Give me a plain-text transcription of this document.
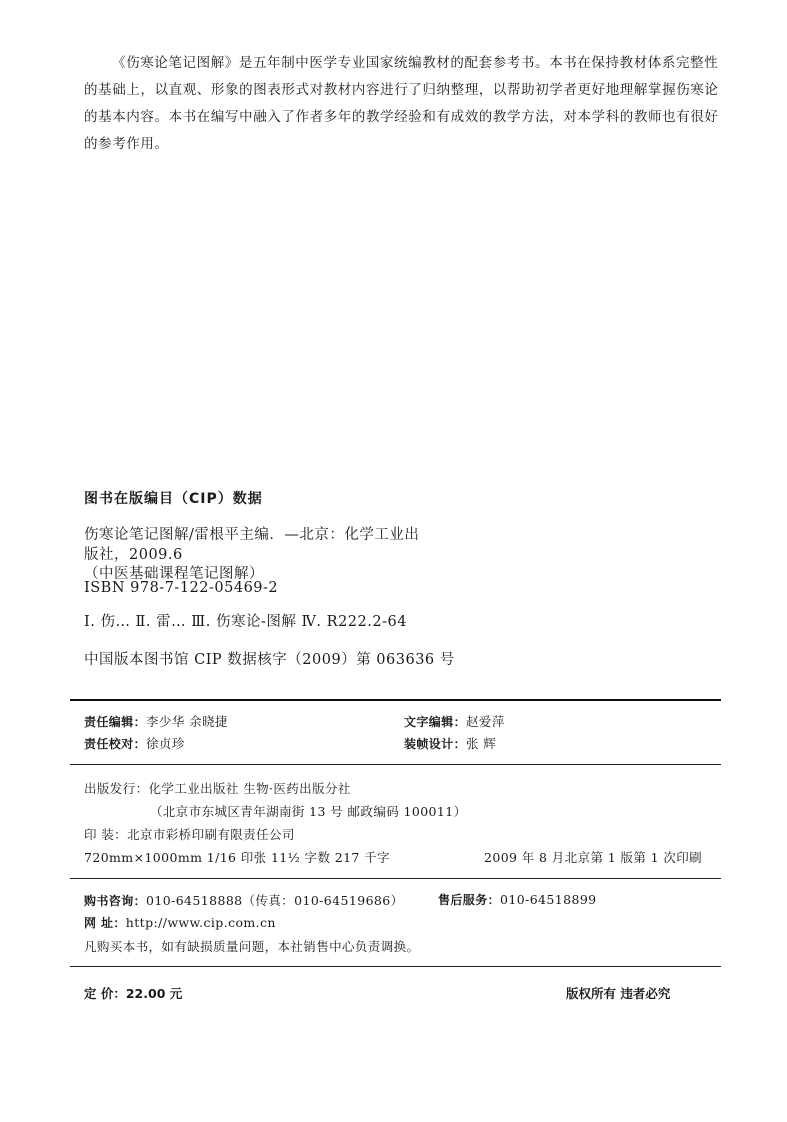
《伤寒论笔记图解》是五年制中医学专业国家统编教材的配套参考书。本书在保持教材体系完整性的基础上，以直观、形象的图表形式对教材内容进行了归纳整理，以帮助初学者更好地理解掌握伤寒论的基本内容。本书在编写中融入了作者多年的教学经验和有成效的教学方法，对本学科的教师也有很好的参考作用。

图书在版编目（CIP）数据
伤寒论笔记图解/雷根平主编．—北京：化学工业出
版社，2009.6
（中医基础课程笔记图解）
ISBN 978-7-122-05469-2
Ⅰ. 伤… Ⅱ. 雷… Ⅲ. 伤寒论-图解 Ⅳ. R222.2-64
中国版本图书馆 CIP 数据核字（2009）第 063636 号
责任编辑：李少华 余晓捷	文字编辑：赵爱萍
责任校对：徐贞珍	装帧设计：张 辉
出版发行：化学工业出版社 生物·医药出版分社
（北京市东城区青年湖南街 13 号 邮政编码 100011）
印 装：北京市彩桥印刷有限责任公司
720mm×1000mm 1/16 印张 11½ 字数 217 千字	2009 年 8 月北京第 1 版第 1 次印刷
购书咨询：010-64518888（传真：010-64519686）	售后服务：010-64518899
网 址：http://www.cip.com.cn
凡购买本书，如有缺损质量问题，本社销售中心负责调换。
定 价：22.00 元	版权所有 违者必究
